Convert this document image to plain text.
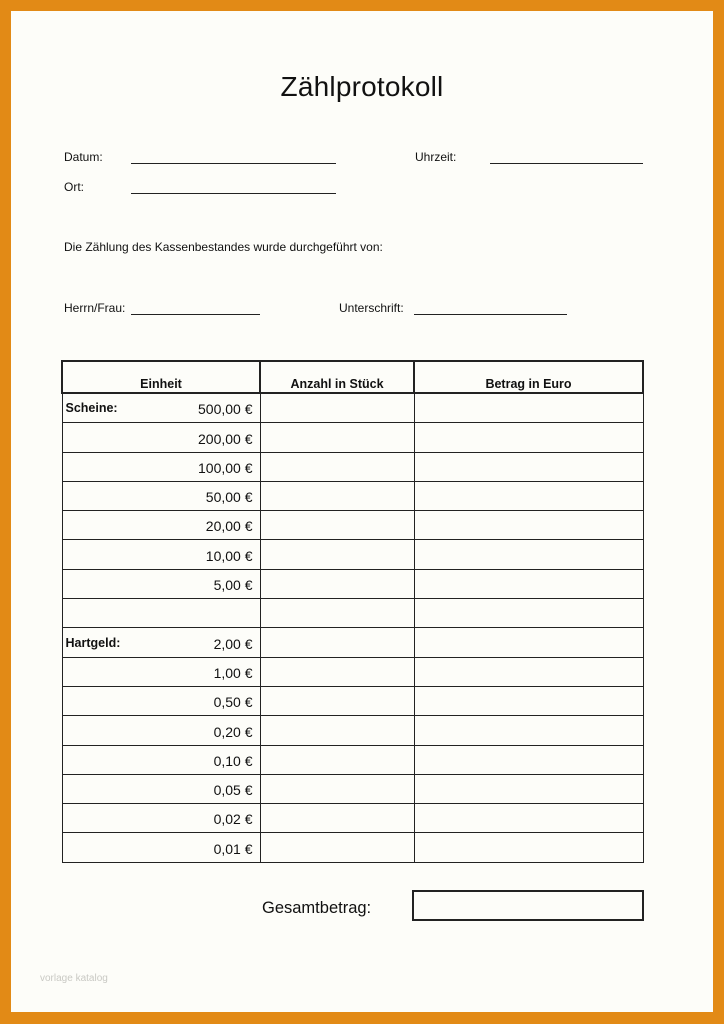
Zählprotokoll
Datum:	Uhrzeit:
Ort:
Die Zählung des Kassenbestandes wurde durchgeführt von:
Herrn/Frau:	Unterschrift:
Einheit	Anzahl in Stück	Betrag in Euro

Scheine: 500,00 €		

200,00 €		

100,00 €		

50,00 €		

20,00 €		

10,00 €		

5,00 €		

Hartgeld: 2,00 €		

1,00 €		

0,50 €		

0,20 €		

0,10 €		

0,05 €		

0,02 €		

0,01 €		

Gesamtbetrag:
vorlage katalog
